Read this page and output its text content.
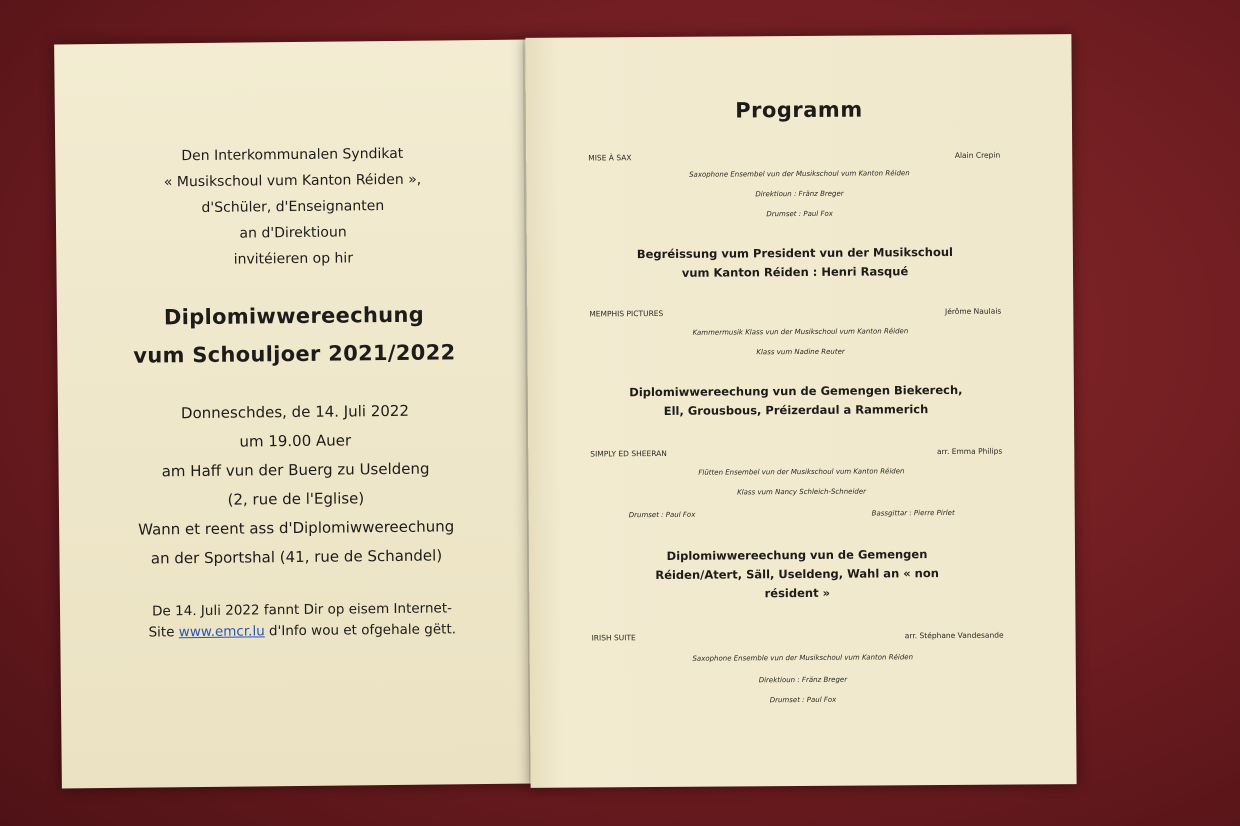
Den Interkommunalen Syndikat
« Musikschoul vum Kanton Réiden »,
d'Schüler, d'Enseignanten
an d'Direktioun
invitéieren op hir
Diplomiwwereechung
vum Schouljoer 2021/2022
Donneschdes, de 14. Juli 2022
um 19.00 Auer
am Haff vun der Buerg zu Useldeng
(2, rue de l'Eglise)
Wann et reent ass d'Diplomiwwereechung
an der Sportshal (41, rue de Schandel)
De 14. Juli 2022 fannt Dir op eisem Internet-
Site www.emcr.lu d'Info wou et ofgehale gëtt.
Programm
MISE À SAX	Alain Crepin
Saxophone Ensembel vun der Musikschoul vum Kanton Réiden
Direktioun : Fränz Breger
Drumset : Paul Fox
Begréissung vum President vun der Musikschoul
vum Kanton Réiden : Henri Rasqué
MEMPHIS PICTURES	Jérôme Naulais
Kammermusik Klass vun der Musikschoul vum Kanton Réiden
Klass vum Nadine Reuter
Diplomiwwereechung vun de Gemengen Biekerech,
Ell, Grousbous, Préizerdaul a Rammerich
SIMPLY ED SHEERAN	arr. Emma Philips
Flütten Ensembel vun der Musikschoul vum Kanton Réiden
Klass vum Nancy Schleich-Schneider
Drumset : Paul Fox	Bassgittar : Pierre Pirlet
Diplomiwwereechung vun de Gemengen
Réiden/Atert, Säll, Useldeng, Wahl an « non
résident »
IRISH SUITE	arr. Stéphane Vandesande
Saxophone Ensemble vun der Musikschoul vum Kanton Réiden
Direktioun : Fränz Breger
Drumset : Paul Fox
